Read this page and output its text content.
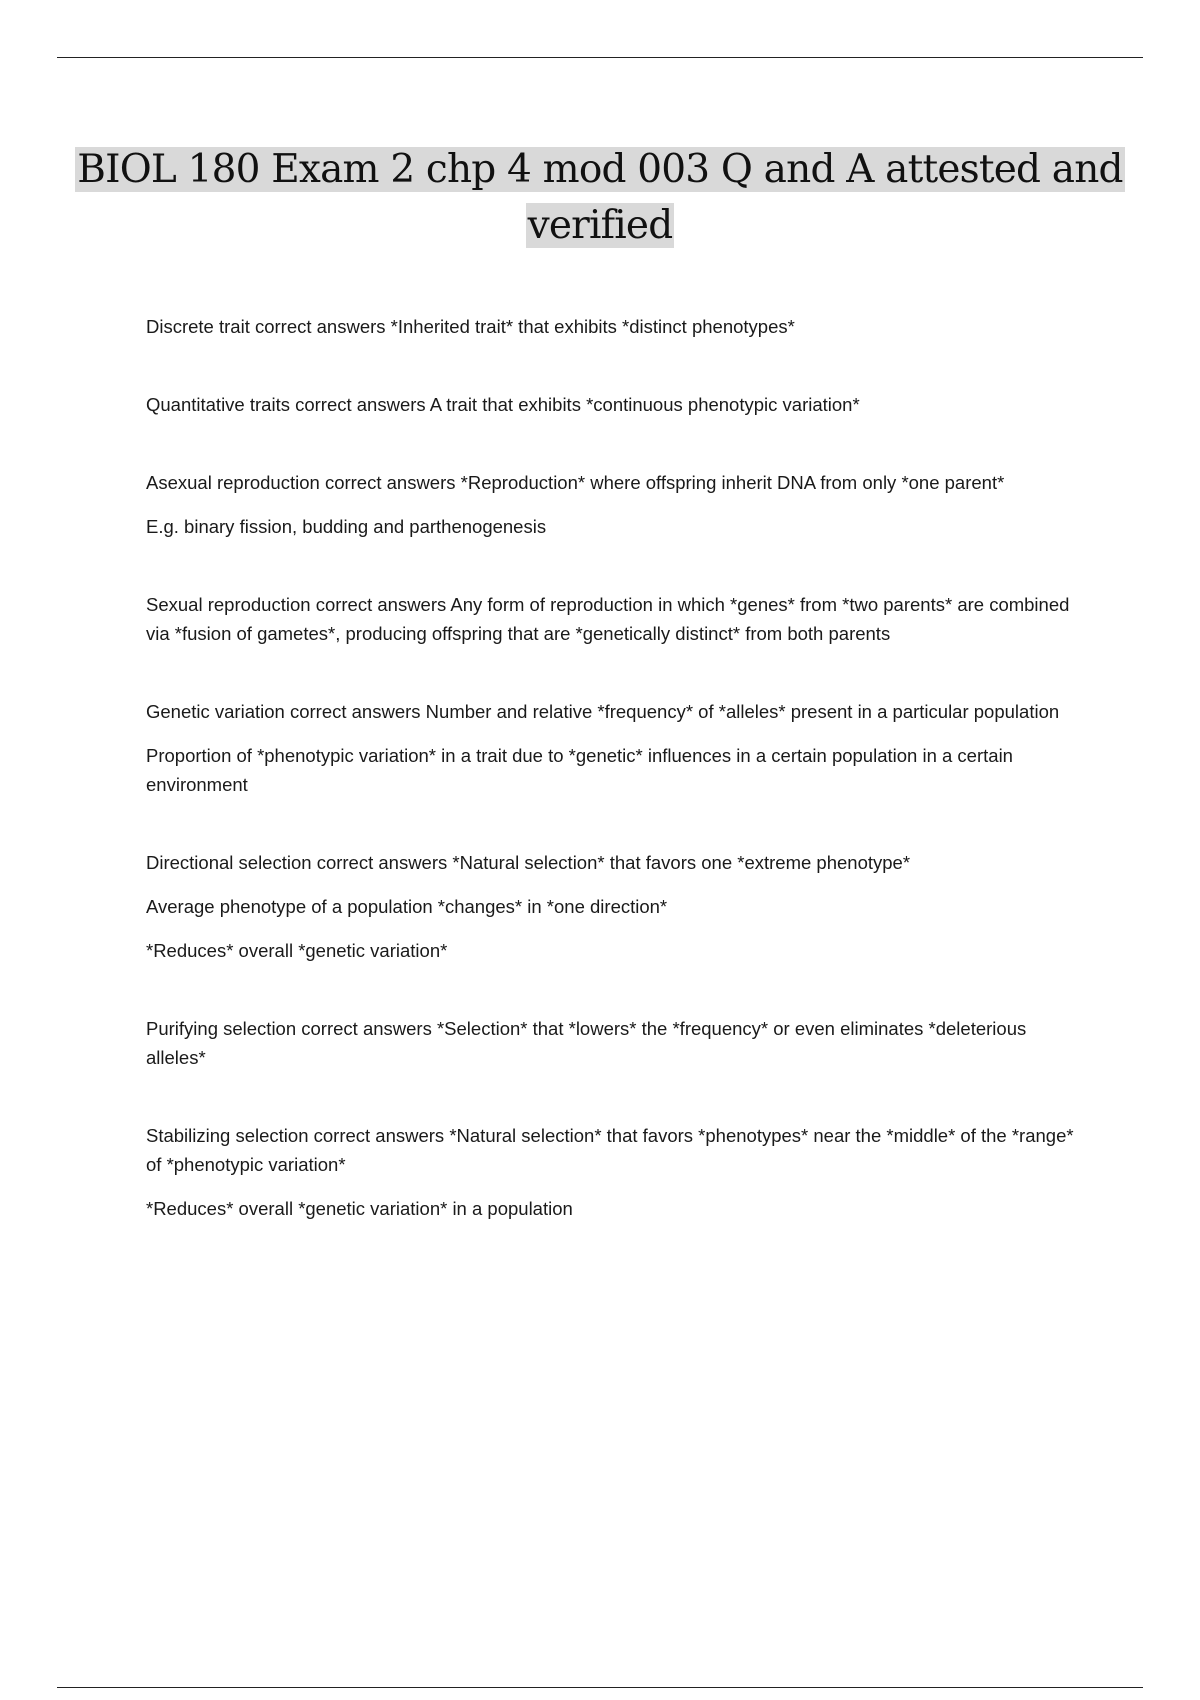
BIOL 180 Exam 2 chp 4 mod 003 Q and A attested and verified

Discrete trait correct answers *Inherited trait* that exhibits *distinct phenotypes*

Quantitative traits correct answers A trait that exhibits *continuous phenotypic variation*

Asexual reproduction correct answers *Reproduction* where offspring inherit DNA from only *one parent*

E.g. binary fission, budding and parthenogenesis

Sexual reproduction correct answers Any form of reproduction in which *genes* from *two parents* are combined via *fusion of gametes*, producing offspring that are *genetically distinct* from both parents

Genetic variation correct answers Number and relative *frequency* of *alleles* present in a particular population

Proportion of *phenotypic variation* in a trait due to *genetic* influences in a certain population in a certain environment

Directional selection correct answers *Natural selection* that favors one *extreme phenotype*

Average phenotype of a population *changes* in *one direction*

*Reduces* overall *genetic variation*

Purifying selection correct answers *Selection* that *lowers* the *frequency* or even eliminates *deleterious alleles*

Stabilizing selection correct answers *Natural selection* that favors *phenotypes* near the *middle* of the *range* of *phenotypic variation*

*Reduces* overall *genetic variation* in a population
